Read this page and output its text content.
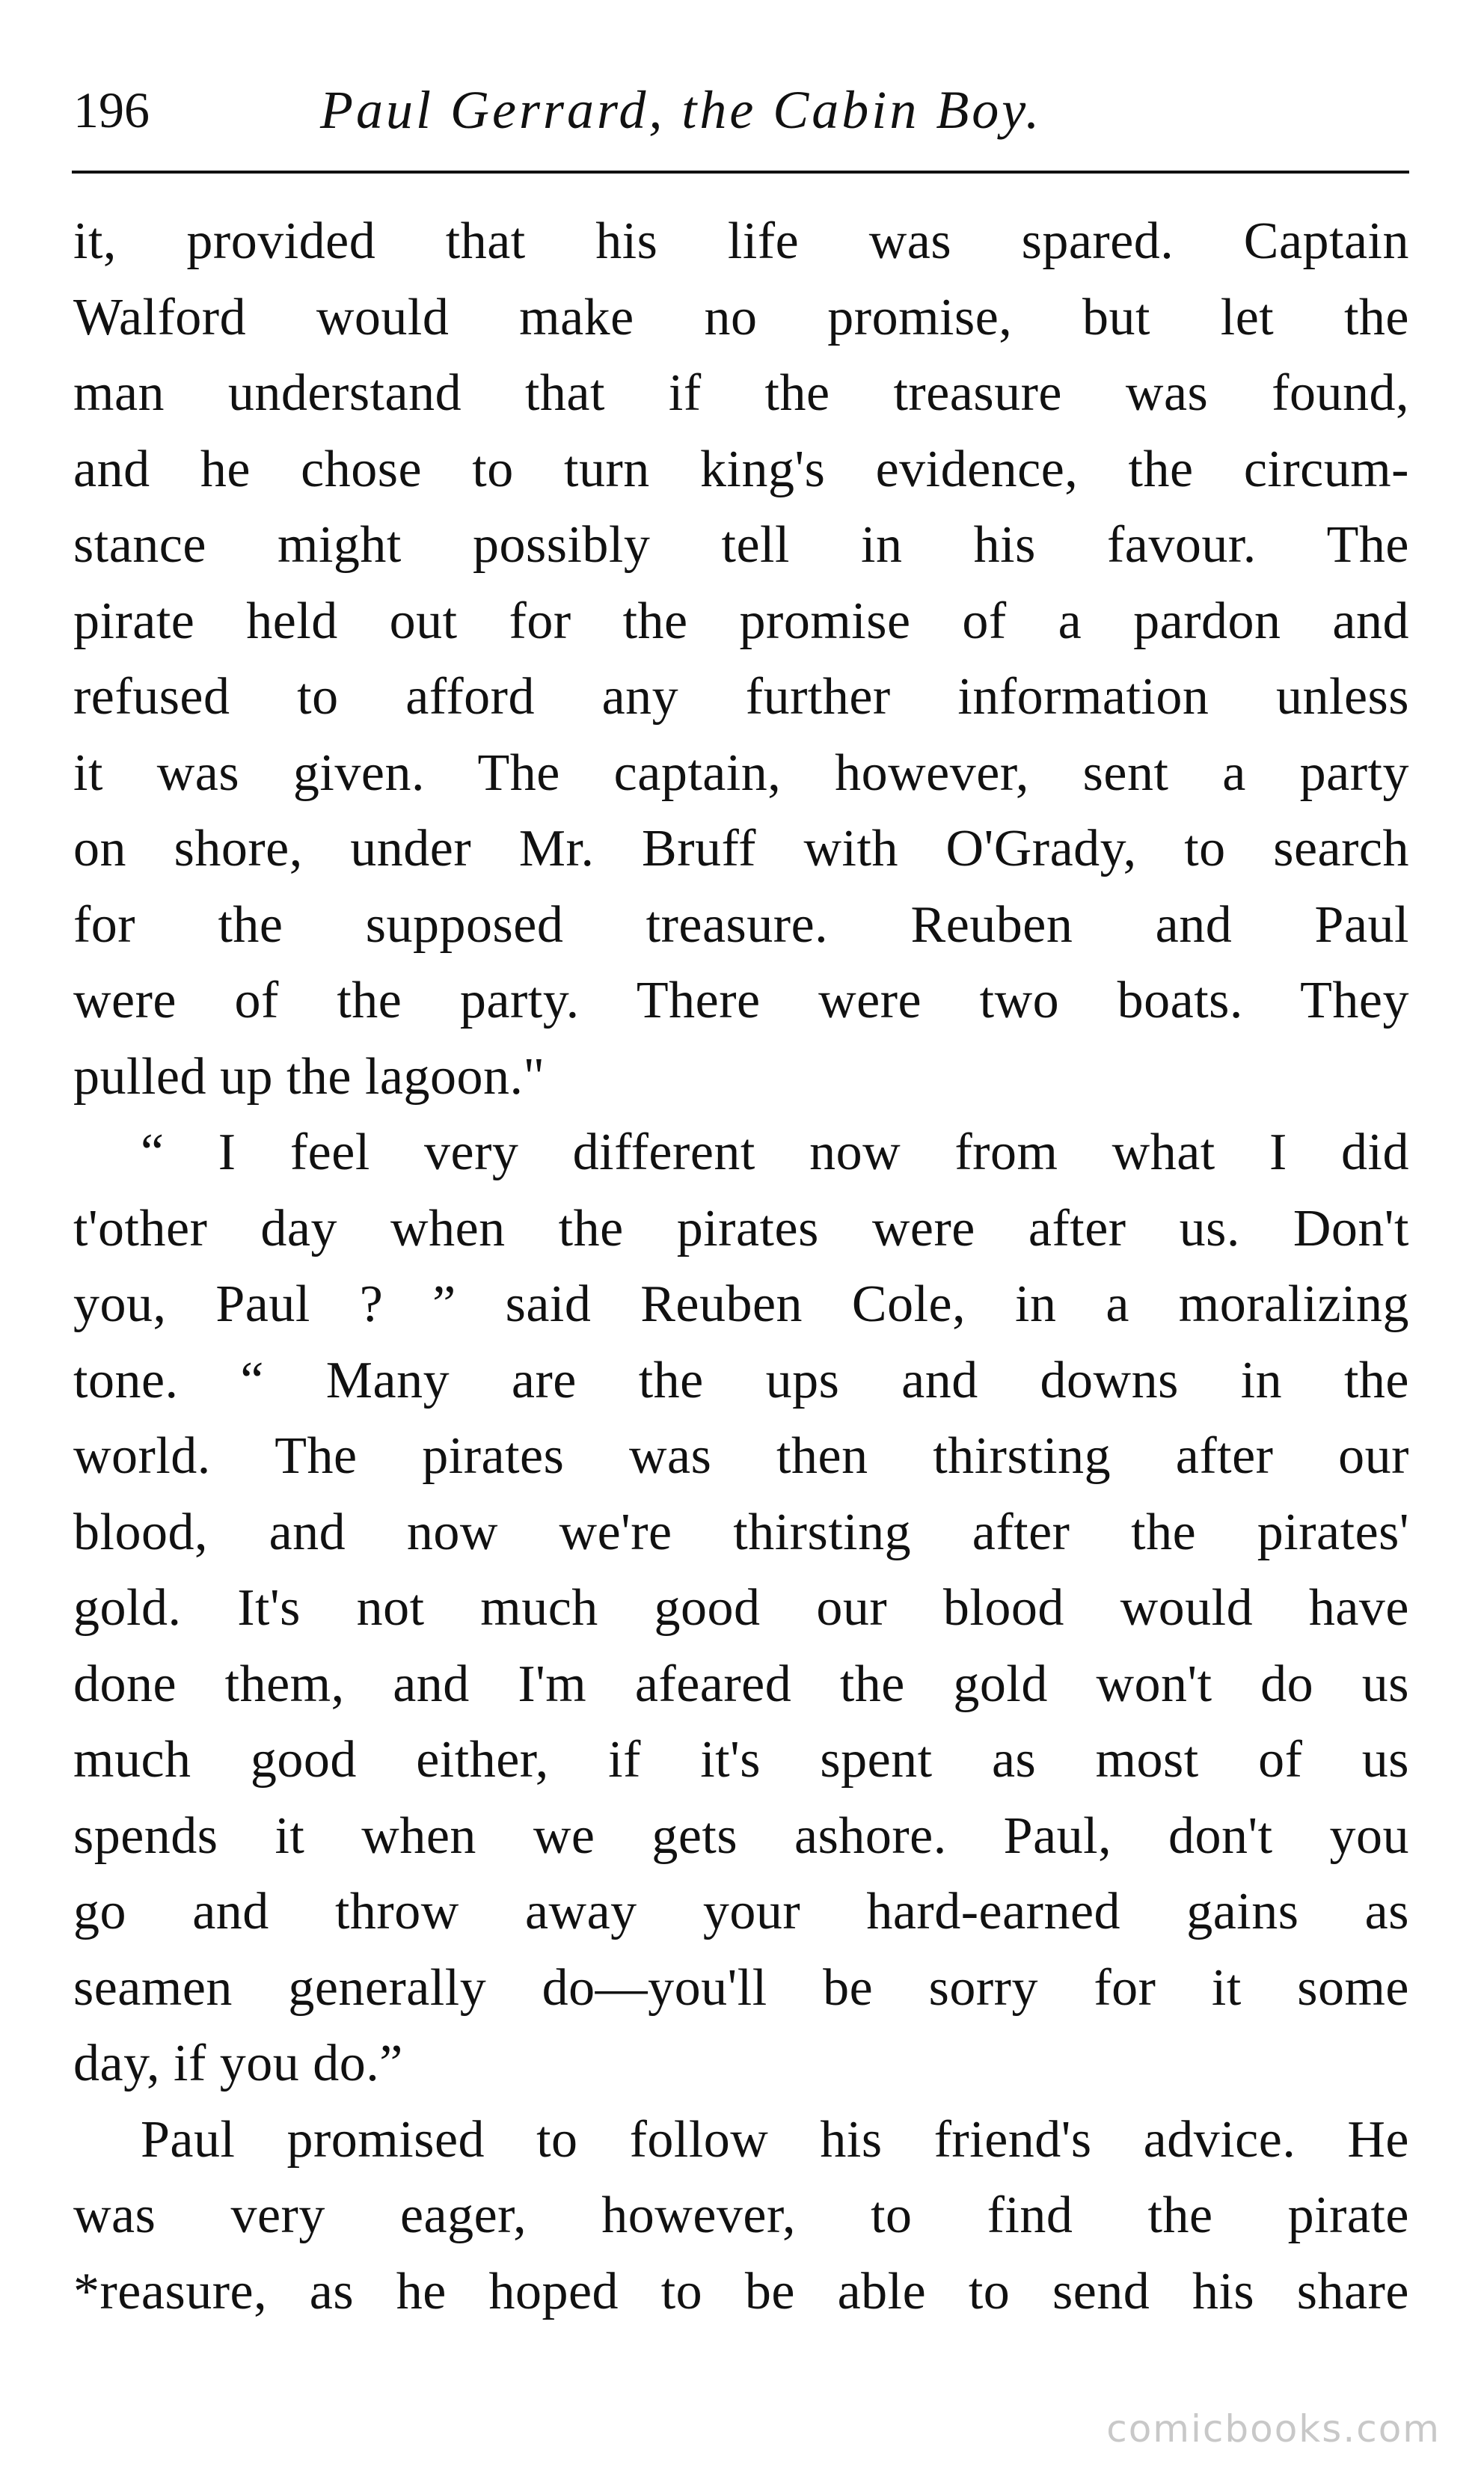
196	Paul Gerrard, the Cabin Boy.
it, provided that his life was spared. Captain
Walford would make no promise, but let the
man understand that if the treasure was found,
and he chose to turn king's evidence, the circum-
stance might possibly tell in his favour. The
pirate held out for the promise of a pardon and
refused to afford any further information unless
it was given. The captain, however, sent a party
on shore, under Mr. Bruff with O'Grady, to search
for the supposed treasure. Reuben and Paul
were of the party. There were two boats. They
pulled up the lagoon."
“ I feel very different now from what I did
t'other day when the pirates were after us. Don't
you, Paul ? ” said Reuben Cole, in a moralizing
tone. “ Many are the ups and downs in the
world. The pirates was then thirsting after our
blood, and now we're thirsting after the pirates'
gold. It's not much good our blood would have
done them, and I'm afeared the gold won't do us
much good either, if it's spent as most of us
spends it when we gets ashore. Paul, don't you
go and throw away your hard-earned gains as
seamen generally do—you'll be sorry for it some
day, if you do.”
Paul promised to follow his friend's advice. He
was very eager, however, to find the pirate
*reasure, as he hoped to be able to send his share
comicbooks.com
